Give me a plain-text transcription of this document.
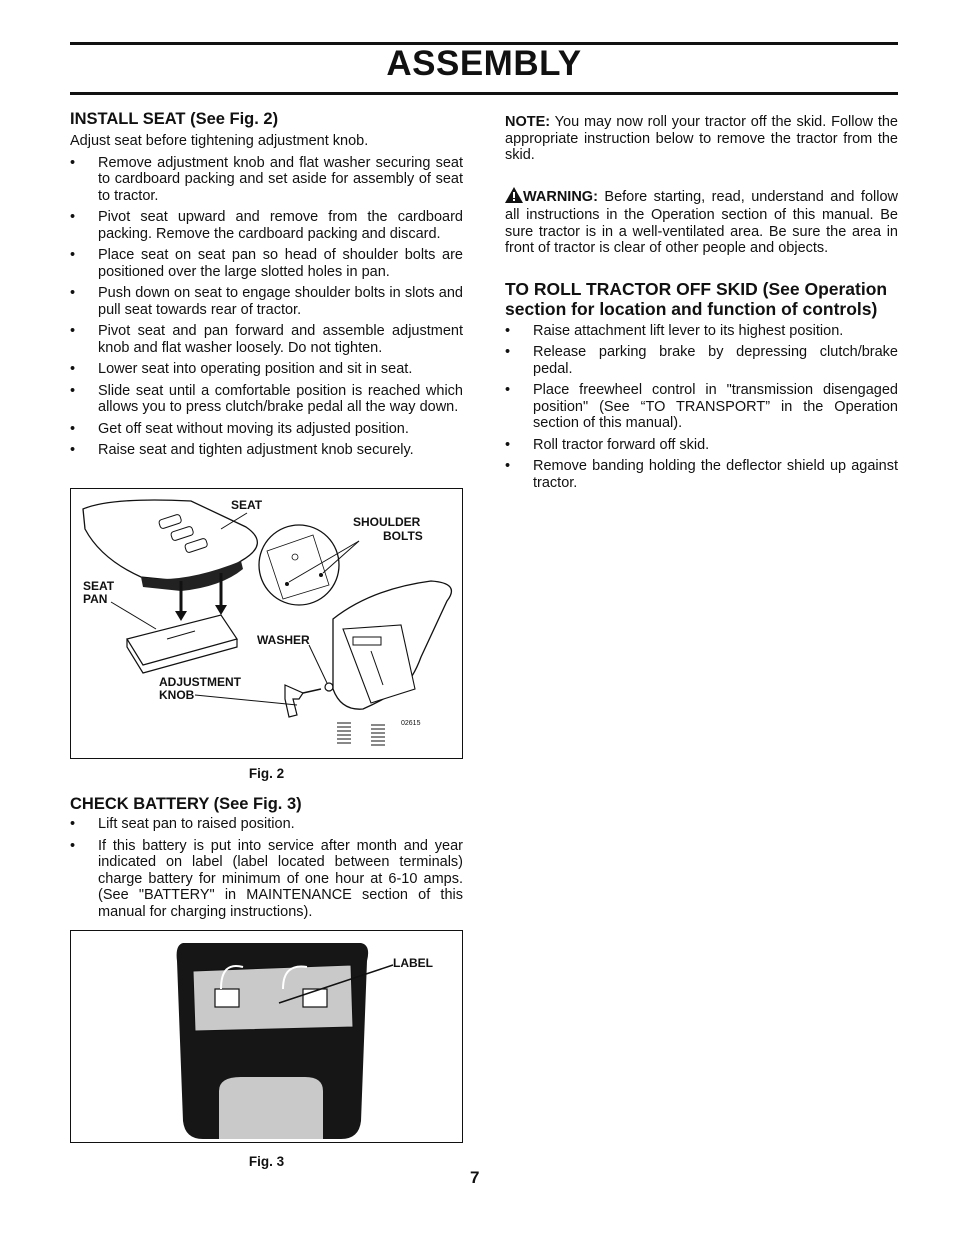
ASSEMBLY
INSTALL SEAT (See Fig. 2)

Adjust seat before tightening adjustment knob.

• Remove adjustment knob and flat washer securing seat to cardboard packing and set aside for assembly of seat to tractor.
• Pivot seat upward and remove from the cardboard packing. Remove the cardboard packing and discard.
• Place seat on seat pan so head of shoulder bolts are positioned over the large slotted holes in pan.
• Push down on seat to engage shoulder bolts in slots and pull seat towards rear of tractor.
• Pivot seat and pan forward and assemble adjustment knob and flat washer loosely. Do not tighten.
• Lower seat into operating position and sit in seat.
• Slide seat until a comfortable position is reached which allows you to press clutch/brake pedal all the way down.
• Get off seat without moving its adjusted position.
• Raise seat and tighten adjustment knob securely.
SEAT
SHOULDER
BOLTS
SEAT
PAN
WASHER
ADJUSTMENT
KNOB
02615
Fig. 2
CHECK BATTERY (See Fig. 3)
• Lift seat pan to raised position.
• If this battery is put into service after month and year indicated on label (label located between terminals) charge battery for minimum of one hour at 6-10 amps. (See "BATTERY" in MAINTENANCE section of this manual for charging instructions).
LABEL
Fig. 3

NOTE: You may now roll your tractor off the skid. Follow the appropriate instruction below to remove the tractor from the skid.

WARNING: Before starting, read, understand and follow all instructions in the Operation section of this manual. Be sure tractor is in a well-ventilated area. Be sure the area in front of tractor is clear of other people and objects.

TO ROLL TRACTOR OFF SKID (See Operation section for location and function of controls)
• Raise attachment lift lever to its highest position.
• Release parking brake by depressing clutch/brake pedal.
• Place freewheel control in "transmission disengaged position" (See “TO TRANSPORT” in the Operation section of this manual).
• Roll tractor forward off skid.
• Remove banding holding the deflector shield up against tractor.
7
